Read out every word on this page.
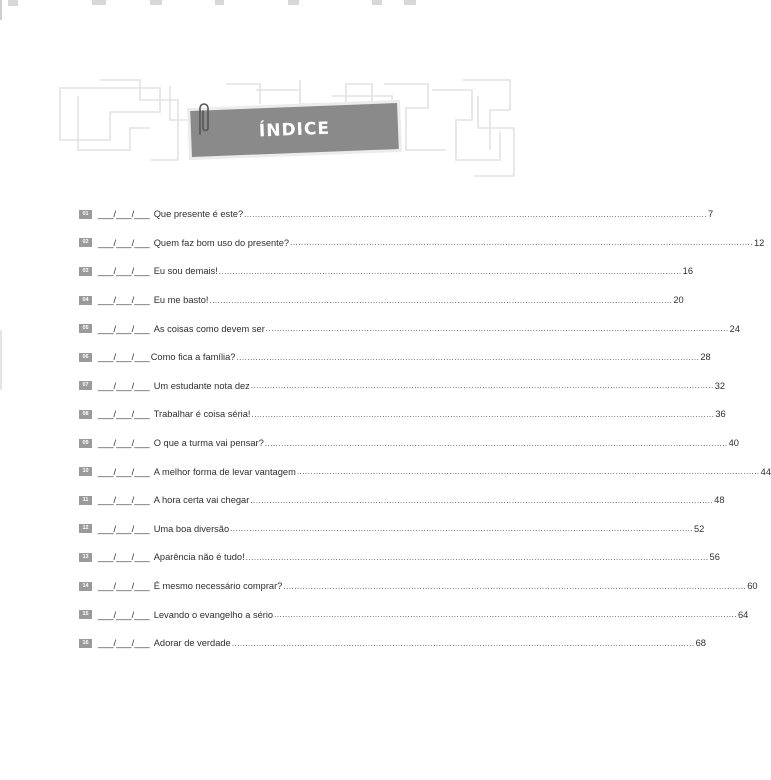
ÍNDICE
01	___/___/___ Que presente é este? .......................................................................................................................................................................... 7
02	___/___/___ Quem faz bom uso do presente? .......................................................................................................................................................................... 12
03	___/___/___ Eu sou demais! .......................................................................................................................................................................... 16
04	___/___/___ Eu me basto! .......................................................................................................................................................................... 20
05	___/___/___ As coisas como devem ser .......................................................................................................................................................................... 24
06	___/___/___ Como fica a família? .......................................................................................................................................................................... 28
07	___/___/___ Um estudante nota dez .......................................................................................................................................................................... 32
08	___/___/___ Trabalhar é coisa séria! .......................................................................................................................................................................... 36
09	___/___/___ O que a turma vai pensar? .......................................................................................................................................................................... 40
10	___/___/___ A melhor forma de levar vantagem .......................................................................................................................................................................... 44
11	___/___/___ A hora certa vai chegar .......................................................................................................................................................................... 48
12	___/___/___ Uma boa diversão .......................................................................................................................................................................... 52
13	___/___/___ Aparência não é tudo! .......................................................................................................................................................................... 56
14	___/___/___ É mesmo necessário comprar? .......................................................................................................................................................................... 60
15	___/___/___ Levando o evangelho a sério .......................................................................................................................................................................... 64
16	___/___/___ Adorar de verdade .......................................................................................................................................................................... 68
